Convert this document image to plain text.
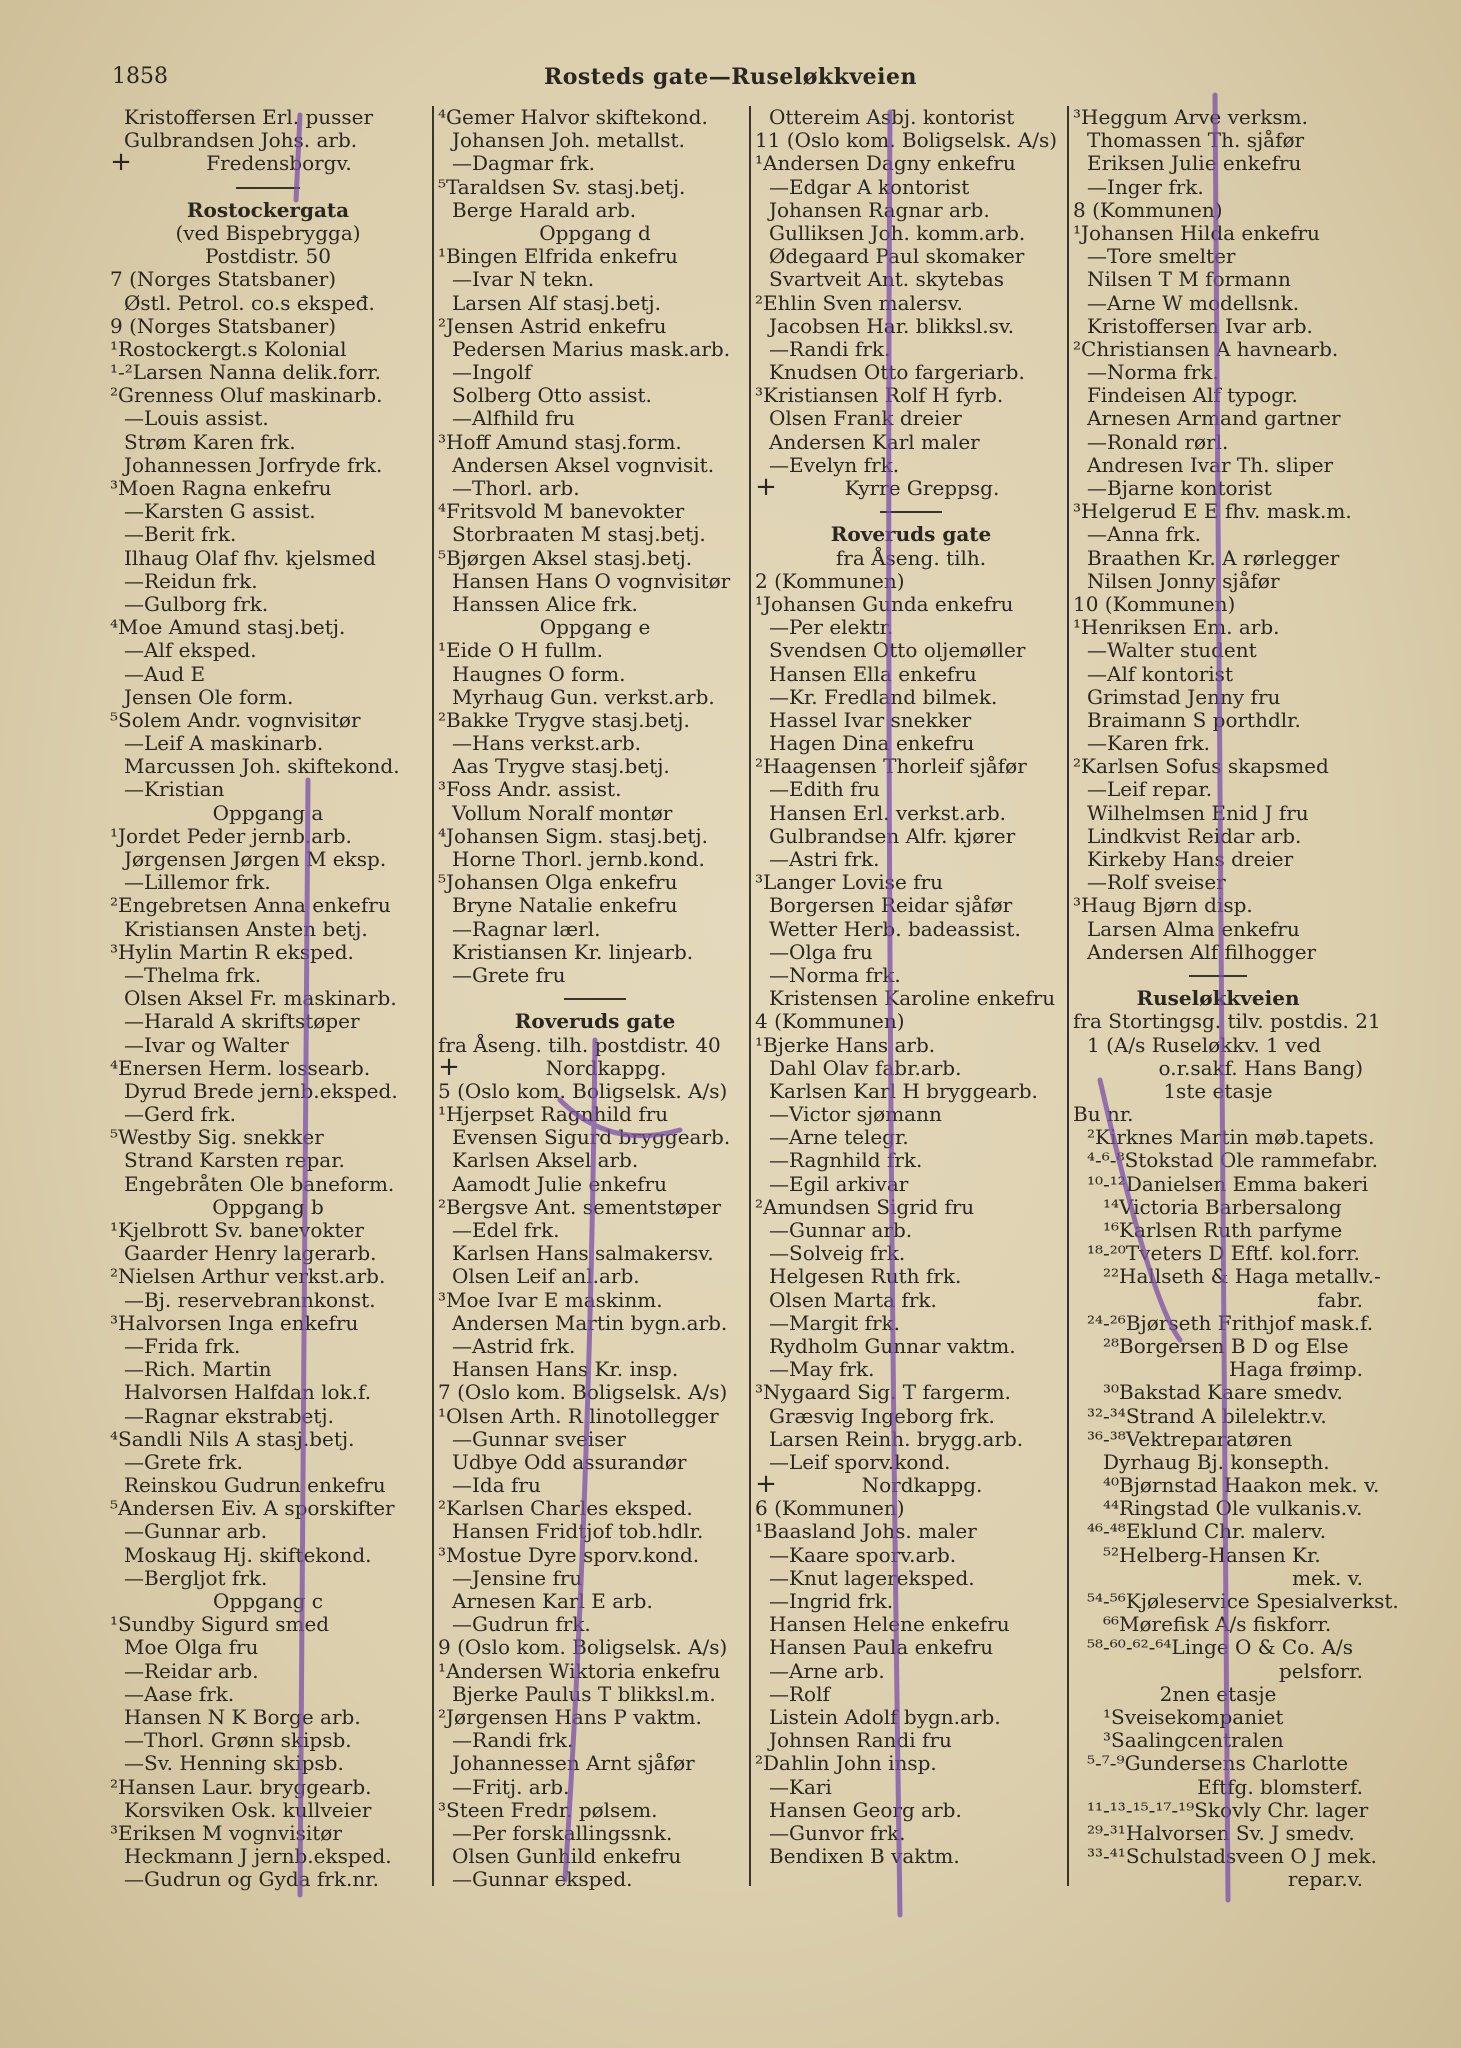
1858	Rosteds gate—Ruseløkkveien
Kristoffersen Erl. pusser
Gulbrandsen Johs. arb.
+	Fredensborgv.
Rostockergata
(ved Bispebrygga)
Postdistr. 50
7 (Norges Statsbaner)
Østl. Petrol. co.s ekspeđ.
9 (Norges Statsbaner)
¹Rostockergt.s Kolonial
¹-²Larsen Nanna delik.forr.
²Grenness Oluf maskinarb.
—Louis assist.
Strøm Karen frk.
Johannessen Jorfryde frk.
³Moen Ragna enkefru
—Karsten G assist.
—Berit frk.
Ilhaug Olaf fhv. kjelsmed
—Reidun frk.
—Gulborg frk.
⁴Moe Amund stasj.betj.
—Alf eksped.
—Aud E
Jensen Ole form.
⁵Solem Andr. vognvisitør
—Leif A maskinarb.
Marcussen Joh. skiftekond.
—Kristian
Oppgang a
¹Jordet Peder jernb.arb.
Jørgensen Jørgen M eksp.
—Lillemor frk.
²Engebretsen Anna enkefru
Kristiansen Ansten betj.
³Hylin Martin R eksped.
—Thelma frk.
Olsen Aksel Fr. maskinarb.
—Harald A skriftstøper
—Ivar og Walter
⁴Enersen Herm. lossearb.
Dyrud Brede jernb.eksped.
—Gerd frk.
⁵Westby Sig. snekker
Strand Karsten repar.
Engebråten Ole baneform.
Oppgang b
¹Kjelbrott Sv. banevokter
Gaarder Henry lagerarb.
²Nielsen Arthur verkst.arb.
—Bj. reservebrannkonst.
³Halvorsen Inga enkefru
—Frida frk.
—Rich. Martin
Halvorsen Halfdan lok.f.
—Ragnar ekstrabetj.
⁴Sandli Nils A stasj.betj.
—Grete frk.
Reinskou Gudrun enkefru
⁵Andersen Eiv. A sporskifter
—Gunnar arb.
Moskaug Hj. skiftekond.
—Bergljot frk.
Oppgang c
¹Sundby Sigurd smed
Moe Olga fru
—Reidar arb.
—Aase frk.
Hansen N K Borge arb.
—Thorl. Grønn skipsb.
—Sv. Henning skipsb.
²Hansen Laur. bryggearb.
Korsviken Osk. kullveier
³Eriksen M vognvisitør
Heckmann J jernb.eksped.
—Gudrun og Gyda frk.nr.
⁴Gemer Halvor skiftekond.
Johansen Joh. metallst.
—Dagmar frk.
⁵Taraldsen Sv. stasj.betj.
Berge Harald arb.
Oppgang d
¹Bingen Elfrida enkefru
—Ivar N tekn.
Larsen Alf stasj.betj.
²Jensen Astrid enkefru
Pedersen Marius mask.arb.
—Ingolf
Solberg Otto assist.
—Alfhild fru
³Hoff Amund stasj.form.
Andersen Aksel vognvisit.
—Thorl. arb.
⁴Fritsvold M banevokter
Storbraaten M stasj.betj.
⁵Bjørgen Aksel stasj.betj.
Hansen Hans O vognvisitør
Hanssen Alice frk.
Oppgang e
¹Eide O H fullm.
Haugnes O form.
Myrhaug Gun. verkst.arb.
²Bakke Trygve stasj.betj.
—Hans verkst.arb.
Aas Trygve stasj.betj.
³Foss Andr. assist.
Vollum Noralf montør
⁴Johansen Sigm. stasj.betj.
Horne Thorl. jernb.kond.
⁵Johansen Olga enkefru
Bryne Natalie enkefru
—Ragnar lærl.
Kristiansen Kr. linjearb.
—Grete fru
Roveruds gate
fra Åseng. tilh. postdistr. 40
+	Nordkappg.
5 (Oslo kom. Boligselsk. A/s)
¹Hjerpset Ragnhild fru
Evensen Sigurd bryggearb.
Karlsen Aksel arb.
Aamodt Julie enkefru
²Bergsve Ant. sementstøper
—Edel frk.
Karlsen Hans salmakersv.
Olsen Leif anl.arb.
³Moe Ivar E maskinm.
Andersen Martin bygn.arb.
—Astrid frk.
Hansen Hans Kr. insp.
7 (Oslo kom. Boligselsk. A/s)
¹Olsen Arth. R linotollegger
—Gunnar sveiser
Udbye Odd assurandør
—Ida fru
²Karlsen Charles eksped.
Hansen Fridtjof tob.hdlr.
³Mostue Dyre sporv.kond.
—Jensine fru
Arnesen Karl E arb.
—Gudrun frk.
9 (Oslo kom. Boligselsk. A/s)
¹Andersen Wiktoria enkefru
Bjerke Paulus T blikksl.m.
²Jørgensen Hans P vaktm.
—Randi frk.
Johannessen Arnt sjåfør
—Fritj. arb.
³Steen Fredr. pølsem.
—Per forskallingssnk.
Olsen Gunhild enkefru
—Gunnar eksped.
Ottereim Asbj. kontorist
11 (Oslo kom. Boligselsk. A/s)
¹Andersen Dagny enkefru
—Edgar A kontorist
Johansen Ragnar arb.
Gulliksen Joh. komm.arb.
Ødegaard Paul skomaker
Svartveit Ant. skytebas
²Ehlin Sven malersv.
Jacobsen Har. blikksl.sv.
—Randi frk.
Knudsen Otto fargeriarb.
³Kristiansen Rolf H fyrb.
Olsen Frank dreier
Andersen Karl maler
—Evelyn frk.
+	Kyrre Greppsg.
Roveruds gate
fra Åseng. tilh.
2 (Kommunen)
¹Johansen Gunda enkefru
—Per elektr.
Svendsen Otto oljemøller
Hansen Ella enkefru
—Kr. Fredland bilmek.
Hassel Ivar snekker
Hagen Dina enkefru
²Haagensen Thorleif sjåfør
—Edith fru
Hansen Erl. verkst.arb.
Gulbrandsen Alfr. kjører
—Astri frk.
³Langer Lovise fru
Borgersen Reidar sjåfør
Wetter Herb. badeassist.
—Olga fru
—Norma frk.
Kristensen Karoline enkefru
4 (Kommunen)
¹Bjerke Hans arb.
Dahl Olav fabr.arb.
Karlsen Karl H bryggearb.
—Victor sjømann
—Arne telegr.
—Ragnhild frk.
—Egil arkivar
²Amundsen Sigrid fru
—Gunnar arb.
—Solveig frk.
Helgesen Ruth frk.
Olsen Marta frk.
—Margit frk.
Rydholm Gunnar vaktm.
—May frk.
³Nygaard Sig. T fargerm.
Græsvig Ingeborg frk.
Larsen Reinh. brygg.arb.
—Leif sporv.kond.
+	Nordkappg.
6 (Kommunen)
¹Baasland Johs. maler
—Kaare sporv.arb.
—Knut lagereksped.
—Ingrid frk.
Hansen Helene enkefru
Hansen Paula enkefru
—Arne arb.
—Rolf
Listein Adolf bygn.arb.
Johnsen Randi fru
²Dahlin John insp.
—Kari
Hansen Georg arb.
—Gunvor frk.
Bendixen B vaktm.
³Heggum Arve verksm.
Thomassen Th. sjåfør
Eriksen Julie enkefru
—Inger frk.
8 (Kommunen)
¹Johansen Hilda enkefru
—Tore smelter
Nilsen T M formann
—Arne W modellsnk.
Kristoffersen Ivar arb.
²Christiansen A havnearb.
—Norma frk.
Findeisen Alf typogr.
Arnesen Armand gartner
—Ronald rørl.
Andresen Ivar Th. sliper
—Bjarne kontorist
³Helgerud E E fhv. mask.m.
—Anna frk.
Braathen Kr. A rørlegger
Nilsen Jonny sjåfør
10 (Kommunen)
¹Henriksen Em. arb.
—Walter student
—Alf kontorist
Grimstad Jenny fru
Braimann S porthdlr.
—Karen frk.
²Karlsen Sofus skapsmed
—Leif repar.
Wilhelmsen Enid J fru
Lindkvist Reidar arb.
Kirkeby Hans dreier
—Rolf sveiser
³Haug Bjørn disp.
Larsen Alma enkefru
Andersen Alf filhogger
Ruseløkkveien
fra Stortingsg. tilv. postdis. 21
1 (A/s Ruseløkkv. 1 ved
o.r.sakf. Hans Bang)
1ste etasje
Bu nr.
²Kirknes Martin møb.tapets.
⁴-⁶-⁸Stokstad Ole rammefabr.
¹⁰-¹²Danielsen Emma bakeri
¹⁴Victoria Barbersalong
¹⁶Karlsen Ruth parfyme
¹⁸-²⁰Tveters D Eftf. kol.forr.
²²Hallseth & Haga metallv.-
fabr.
²⁴-²⁶Bjørseth Frithjof mask.f.
²⁸Borgersen B D og Else
Haga frøimp.
³⁰Bakstad Kaare smedv.
³²-³⁴Strand A bilelektr.v.
³⁶-³⁸Vektreparatøren
Dyrhaug Bj. konsepth.
⁴⁰Bjørnstad Haakon mek. v.
⁴⁴Ringstad Ole vulkanis.v.
⁴⁶-⁴⁸Eklund Chr. malerv.
⁵²Helberg-Hansen Kr.
mek. v.
⁵⁴-⁵⁶Kjøleservice Spesialverkst.
⁶⁶Mørefisk A/s fiskforr.
⁵⁸-⁶⁰-⁶²-⁶⁴Linge O & Co. A/s
pelsforr.
2nen etasje
¹Sveisekompaniet
³Saalingcentralen
⁵-⁷-⁹Gundersens Charlotte
Eftfg. blomsterf.
¹¹-¹³-¹⁵-¹⁷-¹⁹Skovly Chr. lager
²⁹-³¹Halvorsen Sv. J smedv.
³³-⁴¹Schulstadsveen O J mek.
repar.v.
